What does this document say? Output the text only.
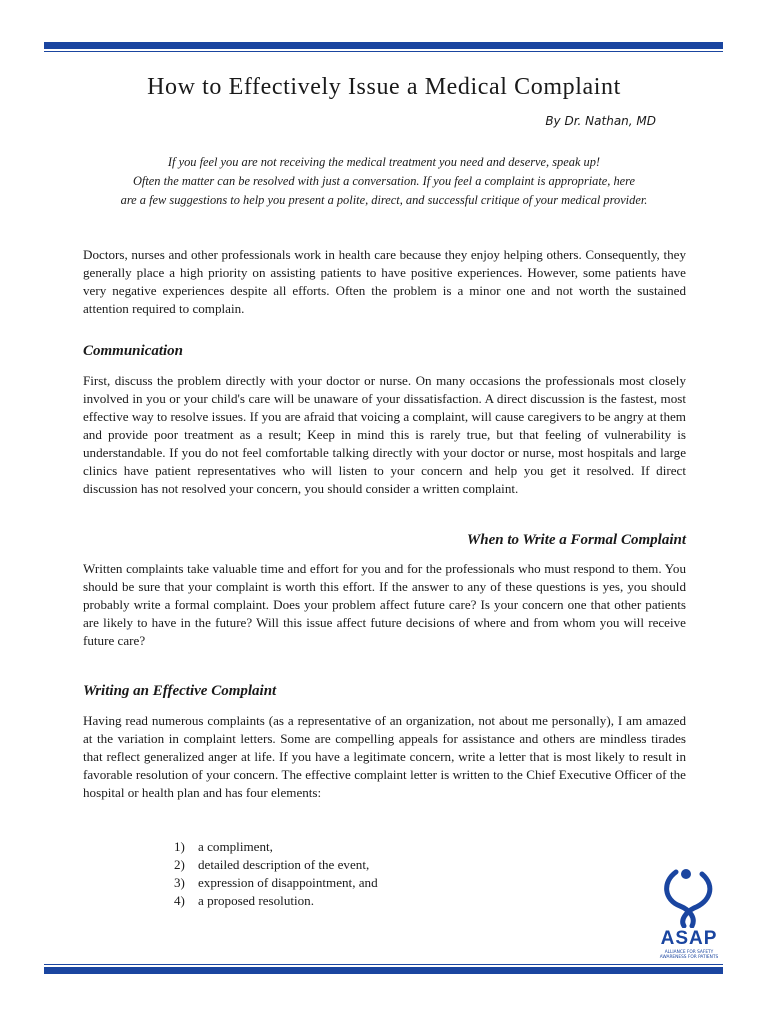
How to Effectively Issue a Medical Complaint
By Dr. Nathan, MD
If you feel you are not receiving the medical treatment you need and deserve, speak up!
Often the matter can be resolved with just a conversation. If you feel a complaint is appropriate, here
are a few suggestions to help you present a polite, direct, and successful critique of your medical provider.

Doctors, nurses and other professionals work in health care because they enjoy helping others. Consequently, they generally place a high priority on assisting patients to have positive experiences. However, some patients have very negative experiences despite all efforts. Often the problem is a minor one and not worth the sustained attention required to complain.

Communication

First, discuss the problem directly with your doctor or nurse. On many occasions the professionals most closely involved in you or your child's care will be unaware of your dissatisfaction. A direct discussion is the fastest, most effective way to resolve issues. If you are afraid that voicing a complaint, will cause caregivers to be angry at them and provide poor treatment as a result; Keep in mind this is rarely true, but that feeling of vulnerability is understandable. If you do not feel comfortable talking directly with your doctor or nurse, most hospitals and large clinics have patient representatives who will listen to your concern and help you get it resolved. If direct discussion has not resolved your concern, you should consider a written complaint.

When to Write a Formal Complaint

Written complaints take valuable time and effort for you and for the professionals who must respond to them. You should be sure that your complaint is worth this effort. If the answer to any of these questions is yes, you should probably write a formal complaint. Does your problem affect future care? Is your concern one that other patients are likely to have in the future? Will this issue affect future decisions of where and from whom you will receive future care?

Writing an Effective Complaint

Having read numerous complaints (as a representative of an organization, not about me personally), I am amazed at the variation in complaint letters. Some are compelling appeals for assistance and others are mindless tirades that reflect generalized anger at life. If you have a legitimate concern, write a letter that is most likely to result in favorable resolution of your concern. The effective complaint letter is written to the Chief Executive Officer of the hospital or health plan and has four elements:

1) a compliment,
2) detailed description of the event,
3) expression of disappointment, and
4) a proposed resolution.
ASAP
ALLIANCE FOR SAFETY
AWARENESS FOR PATIENTS
